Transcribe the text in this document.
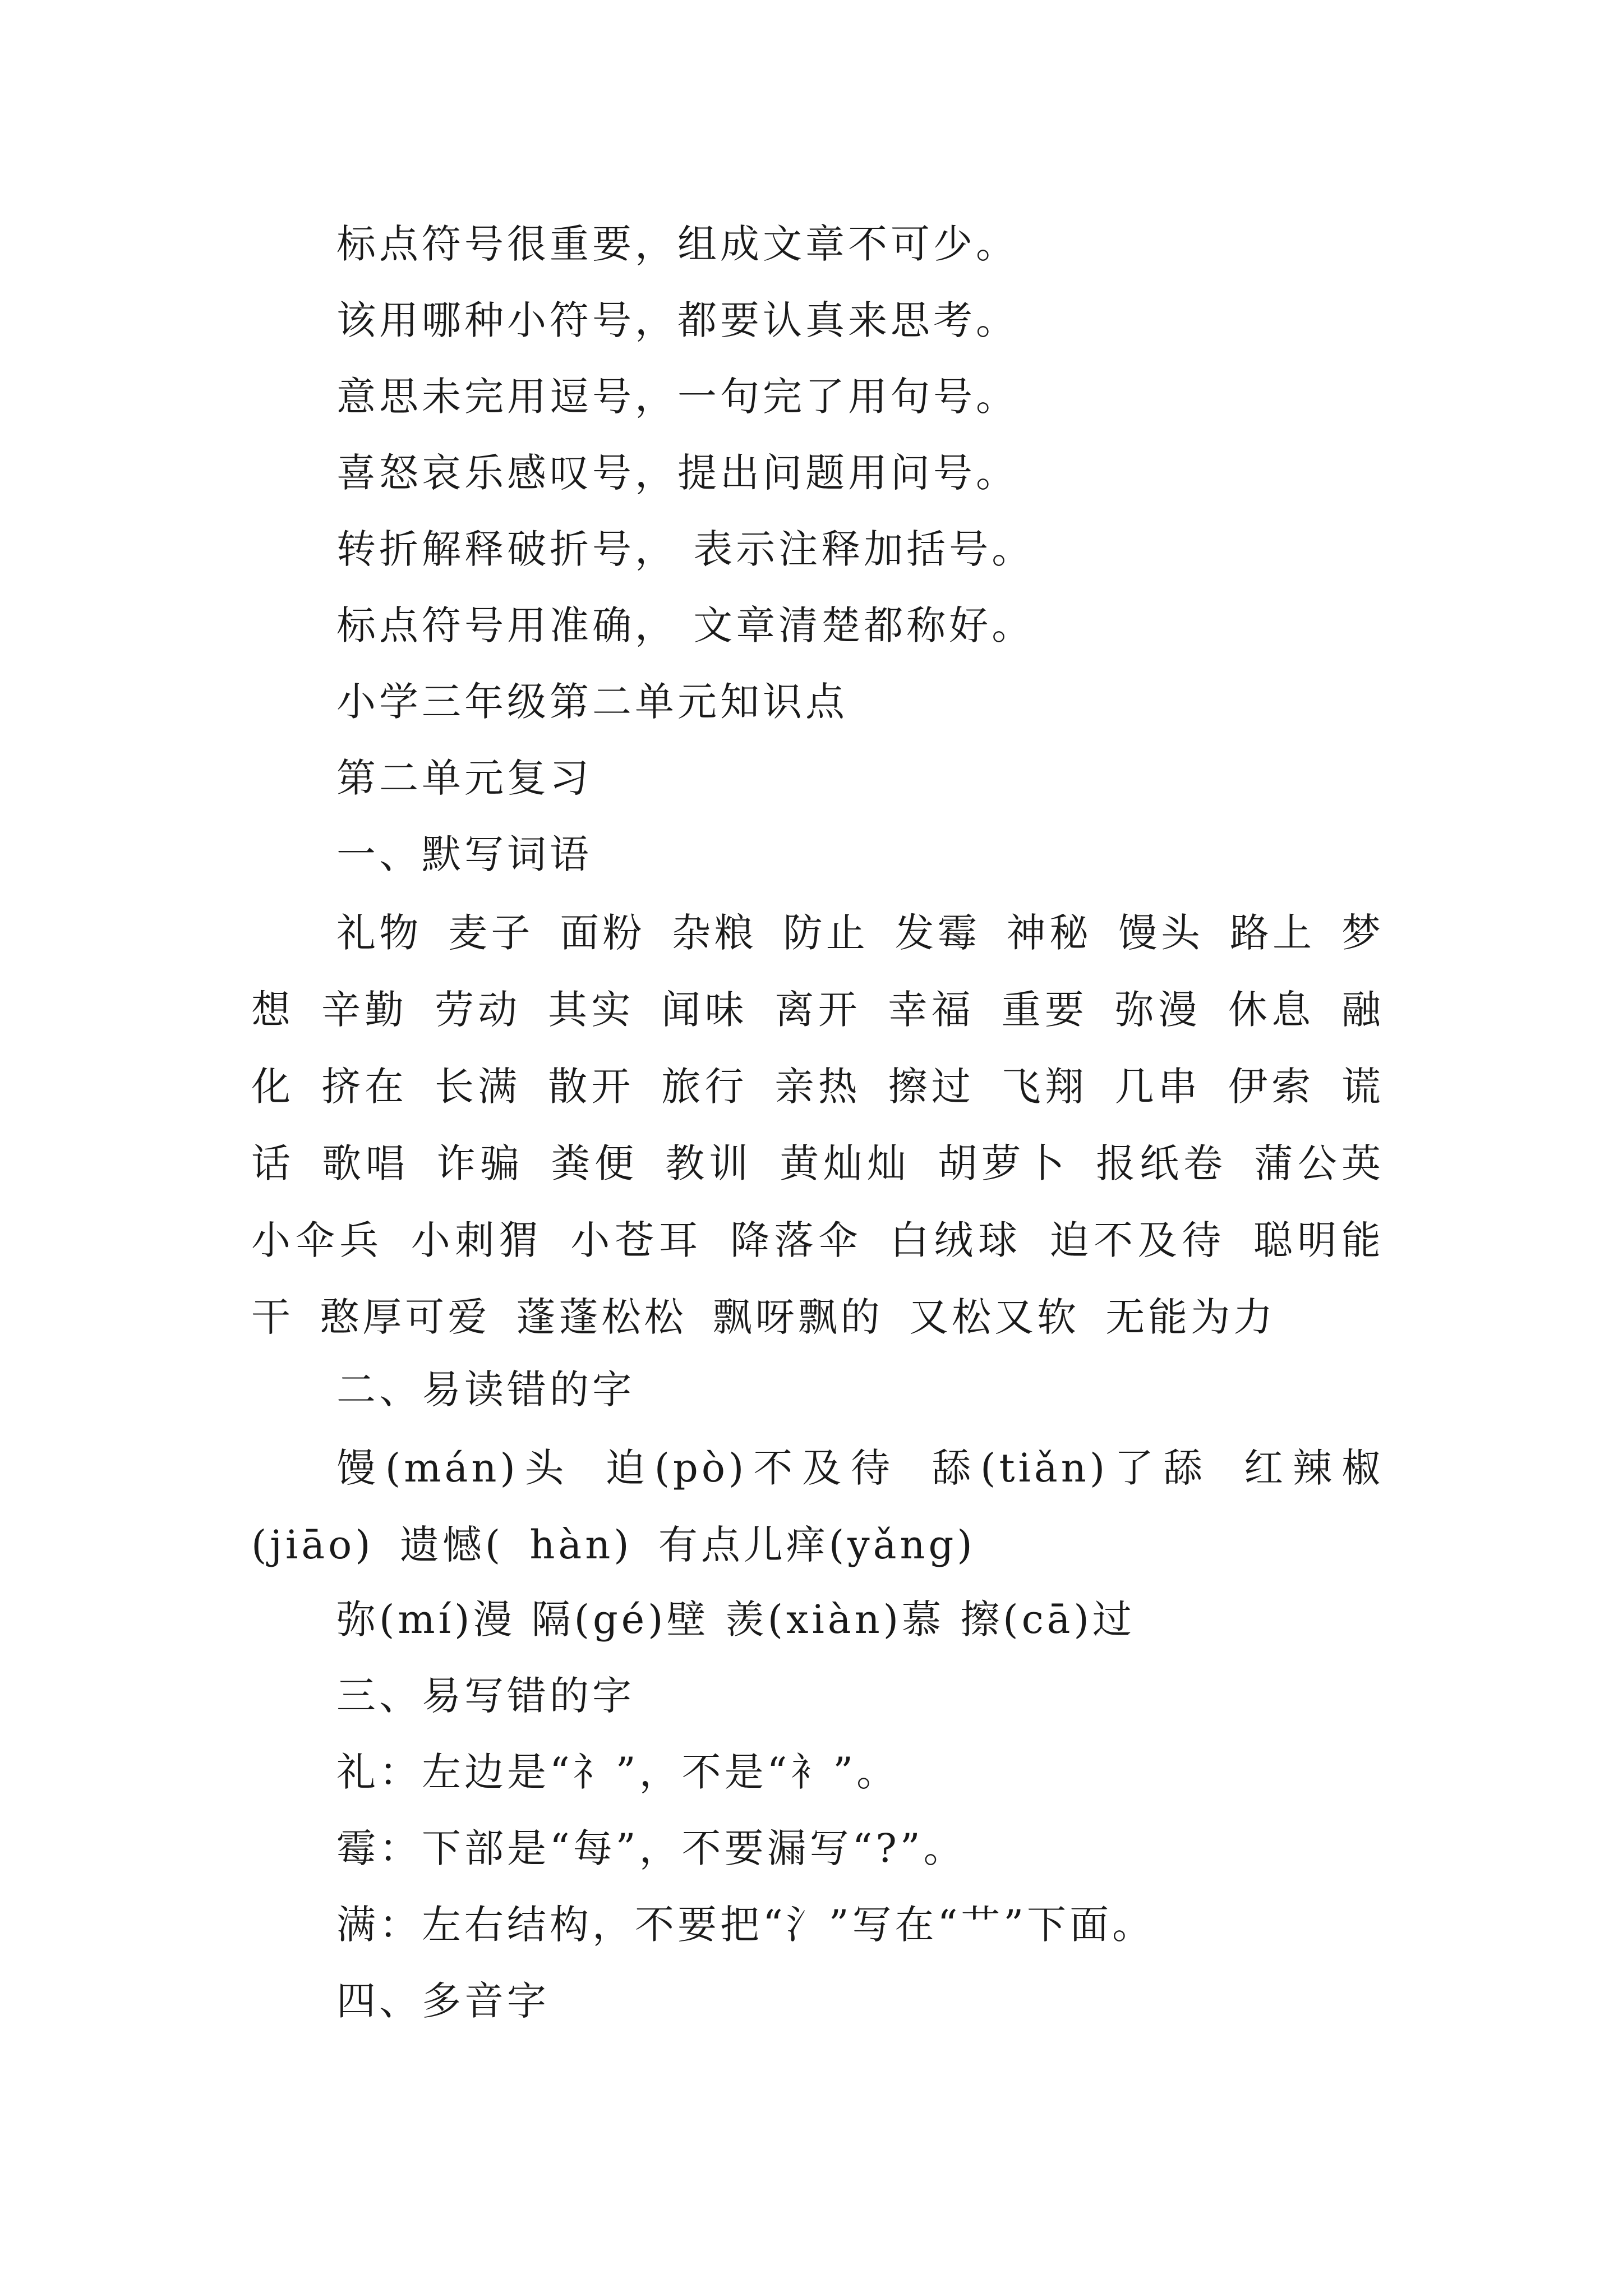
标点符号很重要，组成文章不可少。
该用哪种小符号，都要认真来思考。
意思未完用逗号，一句完了用句号。
喜怒哀乐感叹号，提出问题用问号。
转折解释破折号， 表示注释加括号。
标点符号用准确， 文章清楚都称好。
小学三年级第二单元知识点
第二单元复习
一、默写词语

礼物 麦子 面粉 杂粮 防止 发霉 神秘 馒头 路上 梦想 辛勤 劳动 其实 闻味 离开 幸福 重要 弥漫 休息 融化 挤在 长满 散开 旅行 亲热 擦过 飞翔 几串 伊索 谎话 歌唱 诈骗 粪便 教训 黄灿灿 胡萝卜 报纸卷 蒲公英 小伞兵 小刺猬 小苍耳 降落伞 白绒球 迫不及待 聪明能干 憨厚可爱 蓬蓬松松 飘呀飘的 又松又软 无能为力

二、易读错的字

馒(mán)头 迫(pò)不及待 舔(tiǎn)了舔 红辣椒(jiāo) 遗憾( hàn) 有点儿痒(yǎng)

弥(mí)漫 隔(gé)壁 羡(xiàn)慕 擦(cā)过
三、易写错的字
礼：左边是“礻”，不是“衤”。
霉：下部是“每”，不要漏写“?”。
满：左右结构，不要把“氵”写在“艹”下面。
四、多音字
